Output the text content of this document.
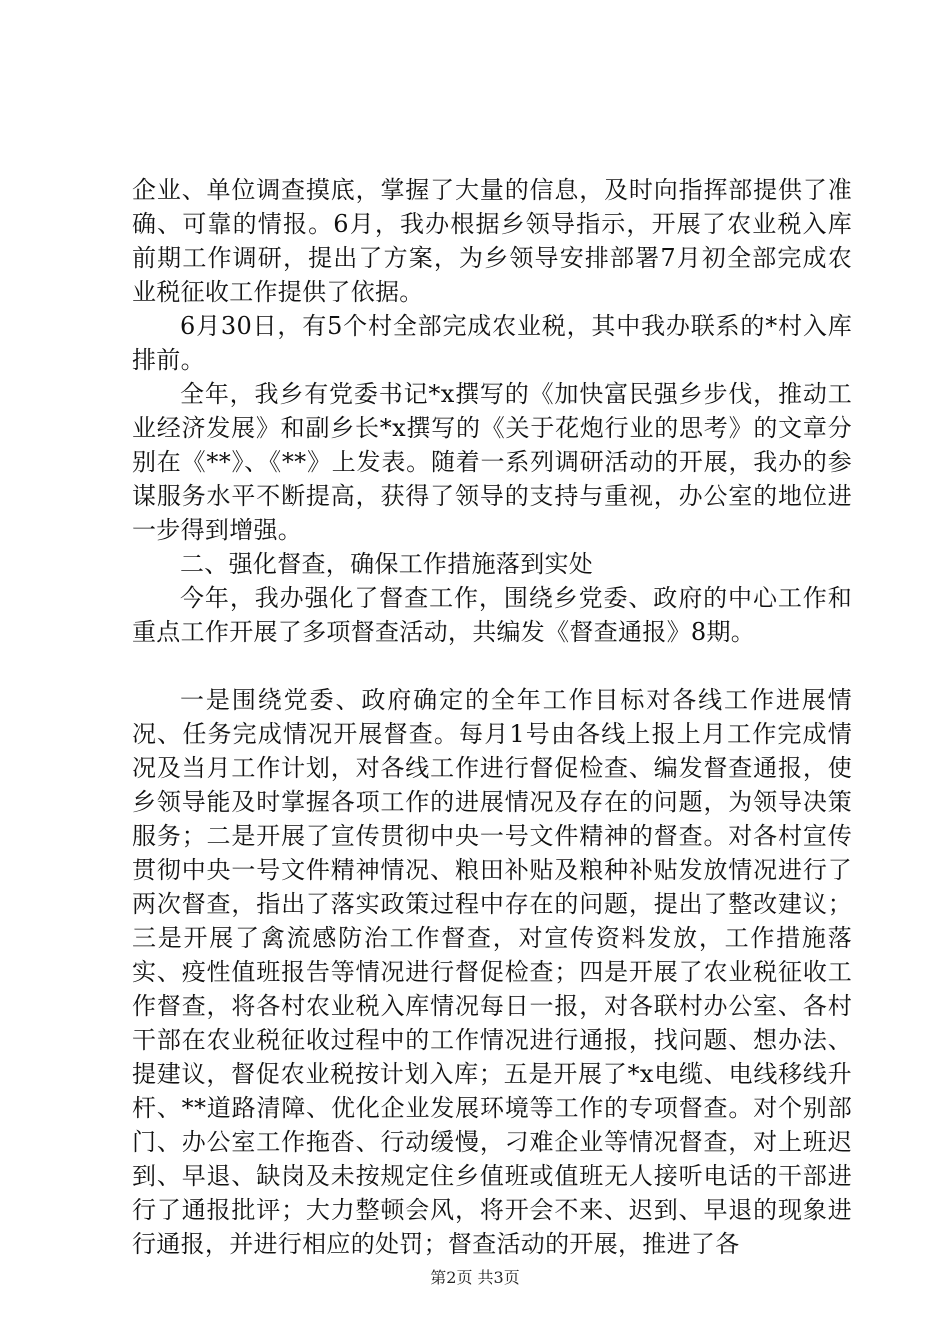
企业、单位调查摸底，掌握了大量的信息，及时向指挥部提供了准确、可靠的情报。6月，我办根据乡领导指示，开展了农业税入库前期工作调研，提出了方案，为乡领导安排部署7月初全部完成农业税征收工作提供了依据。

6月30日，有5个村全部完成农业税，其中我办联系的*村入库排前。

全年，我乡有党委书记*x撰写的《加快富民强乡步伐，推动工业经济发展》和副乡长*x撰写的《关于花炮行业的思考》的文章分别在《**》、《**》上发表。随着一系列调研活动的开展，我办的参谋服务水平不断提高，获得了领导的支持与重视，办公室的地位进一步得到增强。

二、强化督查，确保工作措施落到实处

今年，我办强化了督查工作，围绕乡党委、政府的中心工作和重点工作开展了多项督查活动，共编发《督查通报》8期。

一是围绕党委、政府确定的全年工作目标对各线工作进展情况、任务完成情况开展督查。每月1号由各线上报上月工作完成情况及当月工作计划，对各线工作进行督促检查、编发督查通报，使乡领导能及时掌握各项工作的进展情况及存在的问题，为领导决策服务；二是开展了宣传贯彻中央一号文件精神的督查。对各村宣传贯彻中央一号文件精神情况、粮田补贴及粮种补贴发放情况进行了两次督查，指出了落实政策过程中存在的问题，提出了整改建议；三是开展了禽流感防治工作督查，对宣传资料发放，工作措施落实、疫性值班报告等情况进行督促检查；四是开展了农业税征收工作督查，将各村农业税入库情况每日一报，对各联村办公室、各村干部在农业税征收过程中的工作情况进行通报，找问题、想办法、提建议，督促农业税按计划入库；五是开展了*x电缆、电线移线升杆、**道路清障、优化企业发展环境等工作的专项督查。对个别部门、办公室工作拖沓、行动缓慢，刁难企业等情况督查，对上班迟到、早退、缺岗及未按规定住乡值班或值班无人接听电话的干部进行了通报批评；大力整顿会风，将开会不来、迟到、早退的现象进行通报，并进行相应的处罚；督查活动的开展，推进了各

第2页 共3页
